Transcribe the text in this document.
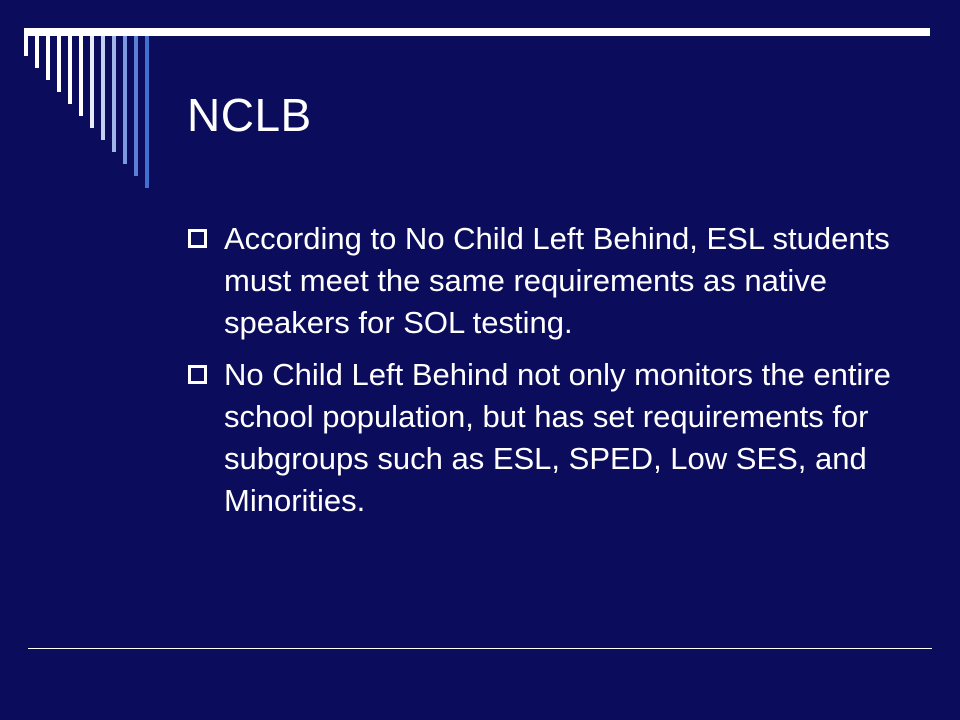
NCLB
According to No Child Left Behind, ESL students must meet the same requirements as native speakers for SOL testing.
No Child Left Behind not only monitors the entire school population, but has set requirements for subgroups such as ESL, SPED, Low SES, and Minorities.
